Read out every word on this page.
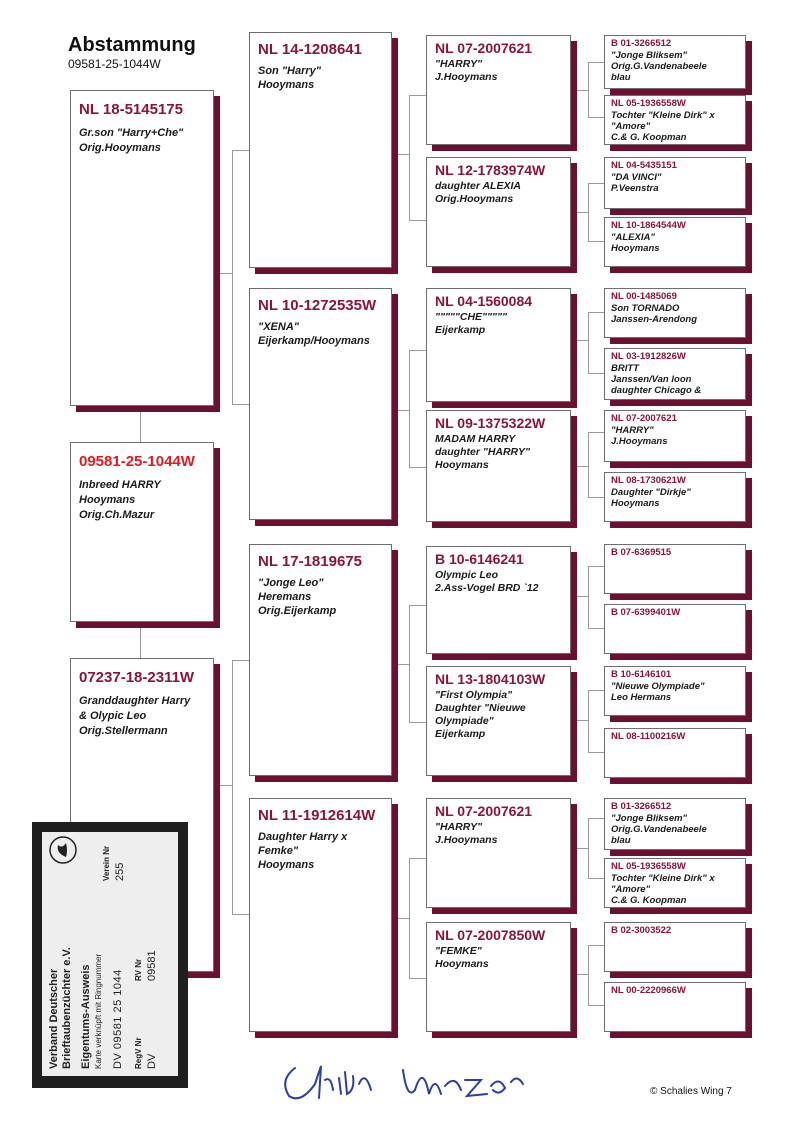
Abstammung
09581-25-1044W
NL 18-5145175
Gr.son "Harry+Che"
Orig.Hooymans
09581-25-1044W
Inbreed HARRY
Hooymans
Orig.Ch.Mazur
07237-18-2311W
Granddaughter Harry
& Olypic Leo
Orig.Stellermann
NL 14-1208641
Son "Harry"
Hooymans
NL 10-1272535W
"XENA"
Eijerkamp/Hooymans
NL 17-1819675
"Jonge Leo"
Heremans
Orig.Eijerkamp
NL 11-1912614W
Daughter Harry x
Femke"
Hooymans
NL 07-2007621
"HARRY"
J.Hooymans
NL 12-1783974W
daughter ALEXIA
Orig.Hooymans
NL 04-1560084
"""""CHE"""""
Eijerkamp
NL 09-1375322W
MADAM HARRY
daughter "HARRY"
Hooymans
B 10-6146241
Olympic Leo
2.Ass-Vogel BRD `12
NL 13-1804103W
"First Olympia"
Daughter "Nieuwe
Olympiade"
Eijerkamp
NL 07-2007621
"HARRY"
J.Hooymans
NL 07-2007850W
"FEMKE"
Hooymans
B 01-3266512
"Jonge Bliksem"
Orig.G.Vandenabeele
blau
NL 05-1936558W
Tochter "Kleine Dirk" x
"Amore"
C.& G. Koopman
NL 04-5435151
"DA VINCI"
P.Veenstra
NL 10-1864544W
"ALEXIA"
Hooymans
NL 00-1485069
Son TORNADO
Janssen-Arendong
NL 03-1912826W
BRITT
Janssen/Van loon
daughter Chicago &
NL 07-2007621
"HARRY"
J.Hooymans
NL 08-1730621W
Daughter "Dirkje"
Hooymans
B 07-6369515
B 07-6399401W
B 10-6146101
"Nieuwe Olympiade"
Leo Hermans
NL 08-1100216W
B 01-3266512
"Jonge Bliksem"
Orig.G.Vandenabeele
blau
NL 05-1936558W
Tochter "Kleine Dirk" x
"Amore"
C.& G. Koopman
B 02-3003522
NL 00-2220966W
Verband Deutscher
Brieftaubenzüchter e.V. Eigentums-Ausweis Karte verknüpft mit Ringnummer DV 09581 25 1044 RegV Nr DV
RV Nr 09581
Verein Nr 255
© Schalies Wing 7
